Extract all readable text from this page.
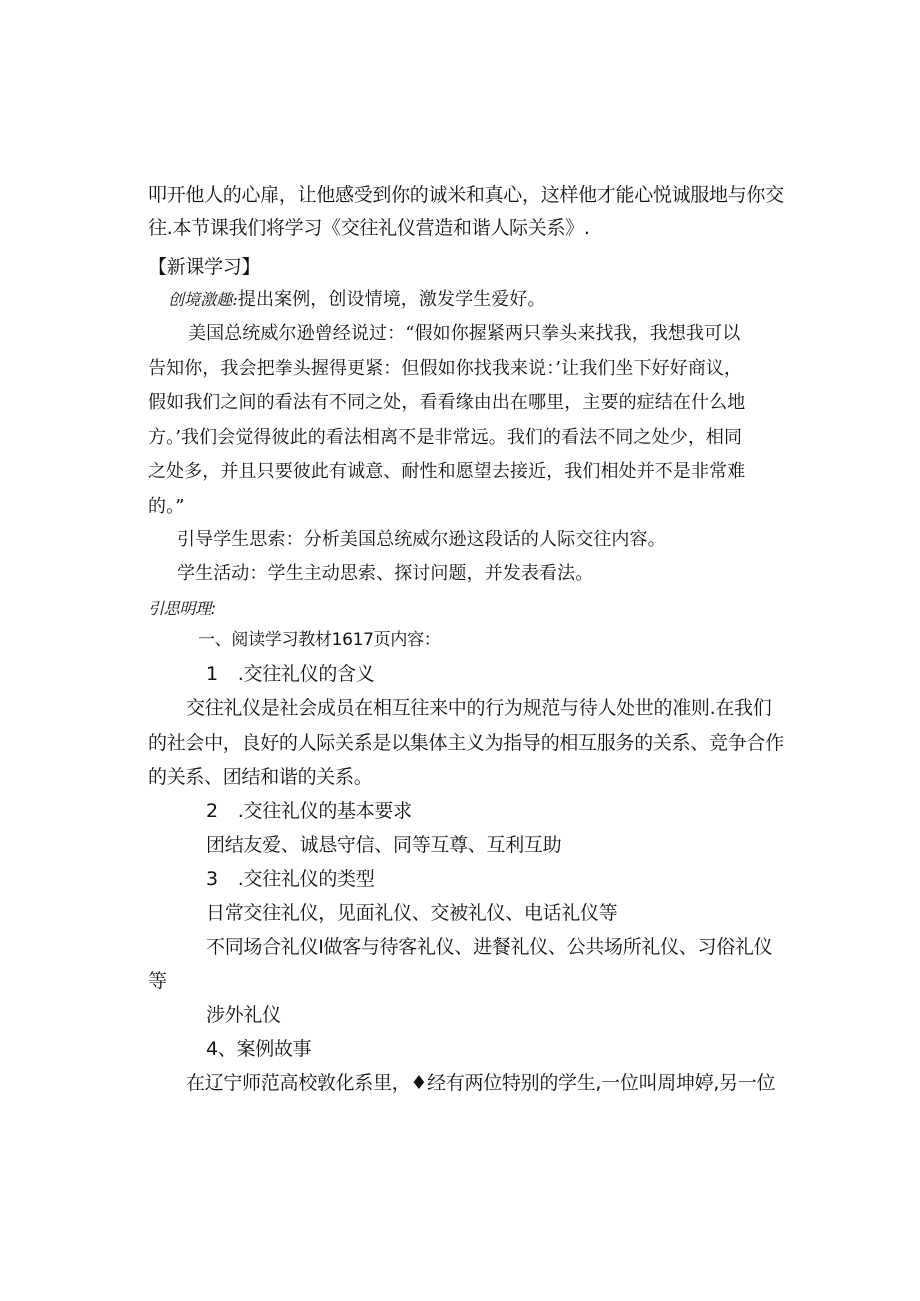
叩开他人的心扉，让他感受到你的诚米和真心，这样他才能心悦诚服地与你交
往.本节课我们将学习《交往礼仪营造和谐人际关系》.
【新课学习】
创境激趣:提出案例，创设情境，激发学生爱好。
美国总统威尔逊曾经说过：“假如你握紧两只拳头来找我，我想我可以
告知你，我会把拳头握得更紧：但假如你找我来说：’让我们坐下好好商议，
假如我们之间的看法有不同之处，看看缘由出在哪里，主要的症结在什么地
方。’我们会觉得彼此的看法相离不是非常远。我们的看法不同之处少，相同
之处多，并且只要彼此有诚意、耐性和愿望去接近，我们相处并不是非常难
的。”
引导学生思索：分析美国总统威尔逊这段话的人际交往内容。
学生活动：学生主动思索、探讨问题，并发表看法。
引思明理:
一、阅读学习教材1617页内容：
1 .交往礼仪的含义
交往礼仪是社会成员在相互往来中的行为规范与待人处世的准则.在我们
的社会中，良好的人际关系是以集体主义为指导的相互服务的关系、竞争合作
的关系、团结和谐的关系。
2 .交往礼仪的基本要求
团结友爱、诚恳守信、同等互尊、互利互助
3 .交往礼仪的类型
日常交往礼仪，见面礼仪、交被礼仪、电话礼仪等
不同场合礼仪I做客与待客礼仪、进餐礼仪、公共场所礼仪、习俗礼仪
等
涉外礼仪
4、案例故事
在辽宁师范高校敦化系里，♦经有两位特别的学生,一位叫周坤婷,另一位
